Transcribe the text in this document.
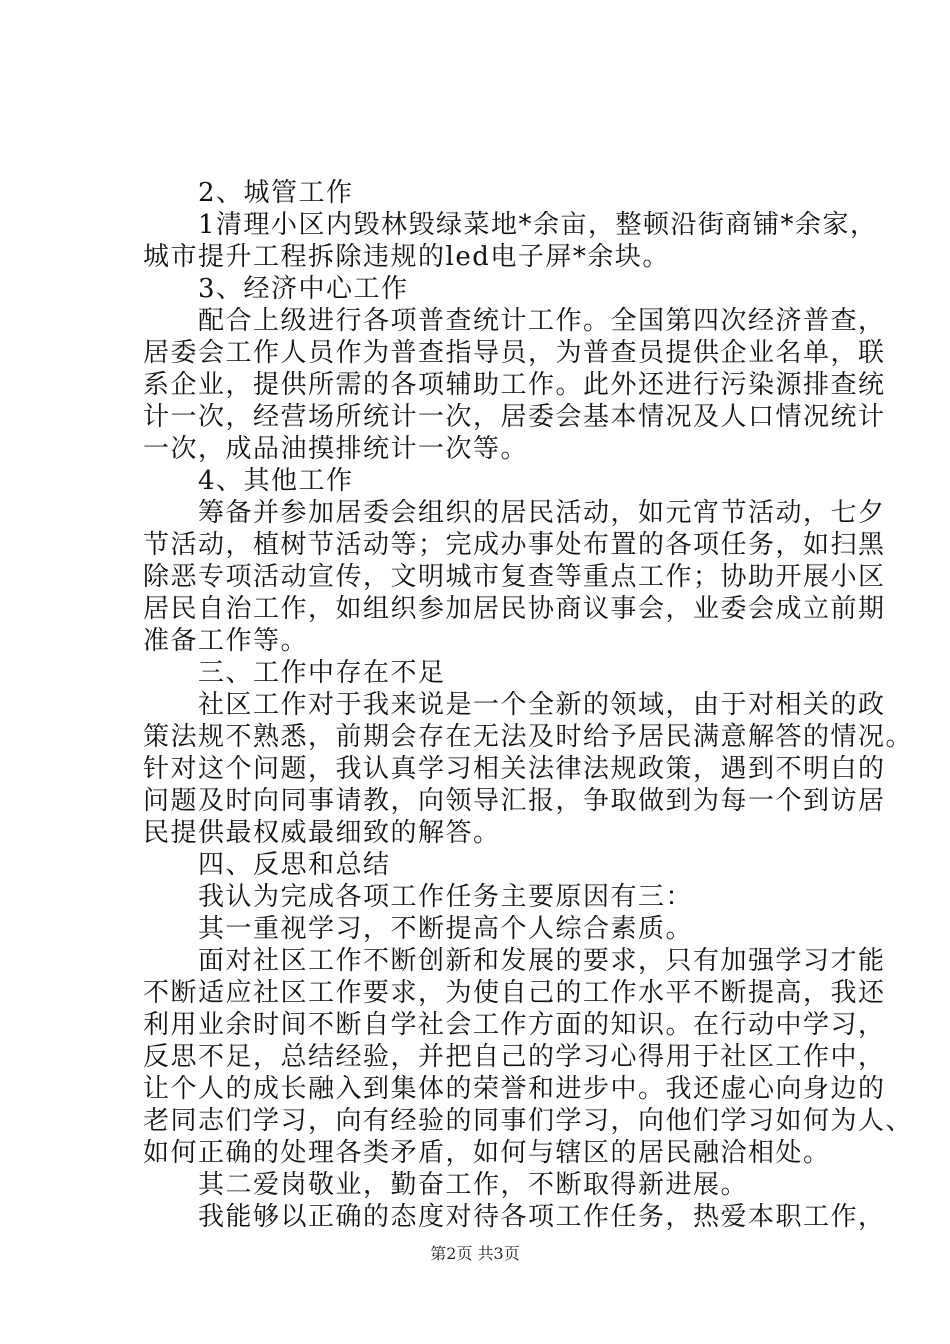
　　2、城管工作
　　1清理小区内毁林毁绿菜地*余亩，整顿沿街商铺*余家，
城市提升工程拆除违规的led电子屏*余块。
　　3、经济中心工作
　　配合上级进行各项普查统计工作。全国第四次经济普查，
居委会工作人员作为普查指导员，为普查员提供企业名单，联
系企业，提供所需的各项辅助工作。此外还进行污染源排查统
计一次，经营场所统计一次，居委会基本情况及人口情况统计
一次，成品油摸排统计一次等。
　　4、其他工作
　　筹备并参加居委会组织的居民活动，如元宵节活动，七夕
节活动，植树节活动等；完成办事处布置的各项任务，如扫黑
除恶专项活动宣传，文明城市复查等重点工作；协助开展小区
居民自治工作，如组织参加居民协商议事会，业委会成立前期
准备工作等。
　　三、工作中存在不足
　　社区工作对于我来说是一个全新的领域，由于对相关的政
策法规不熟悉，前期会存在无法及时给予居民满意解答的情况。
针对这个问题，我认真学习相关法律法规政策，遇到不明白的
问题及时向同事请教，向领导汇报，争取做到为每一个到访居
民提供最权威最细致的解答。
　　四、反思和总结
　　我认为完成各项工作任务主要原因有三：
　　其一重视学习，不断提高个人综合素质。
　　面对社区工作不断创新和发展的要求，只有加强学习才能
不断适应社区工作要求，为使自己的工作水平不断提高，我还
利用业余时间不断自学社会工作方面的知识。在行动中学习，
反思不足，总结经验，并把自己的学习心得用于社区工作中，
让个人的成长融入到集体的荣誉和进步中。我还虚心向身边的
老同志们学习，向有经验的同事们学习，向他们学习如何为人、
如何正确的处理各类矛盾，如何与辖区的居民融洽相处。
　　其二爱岗敬业，勤奋工作，不断取得新进展。
　　我能够以正确的态度对待各项工作任务，热爱本职工作，
第2页 共3页
